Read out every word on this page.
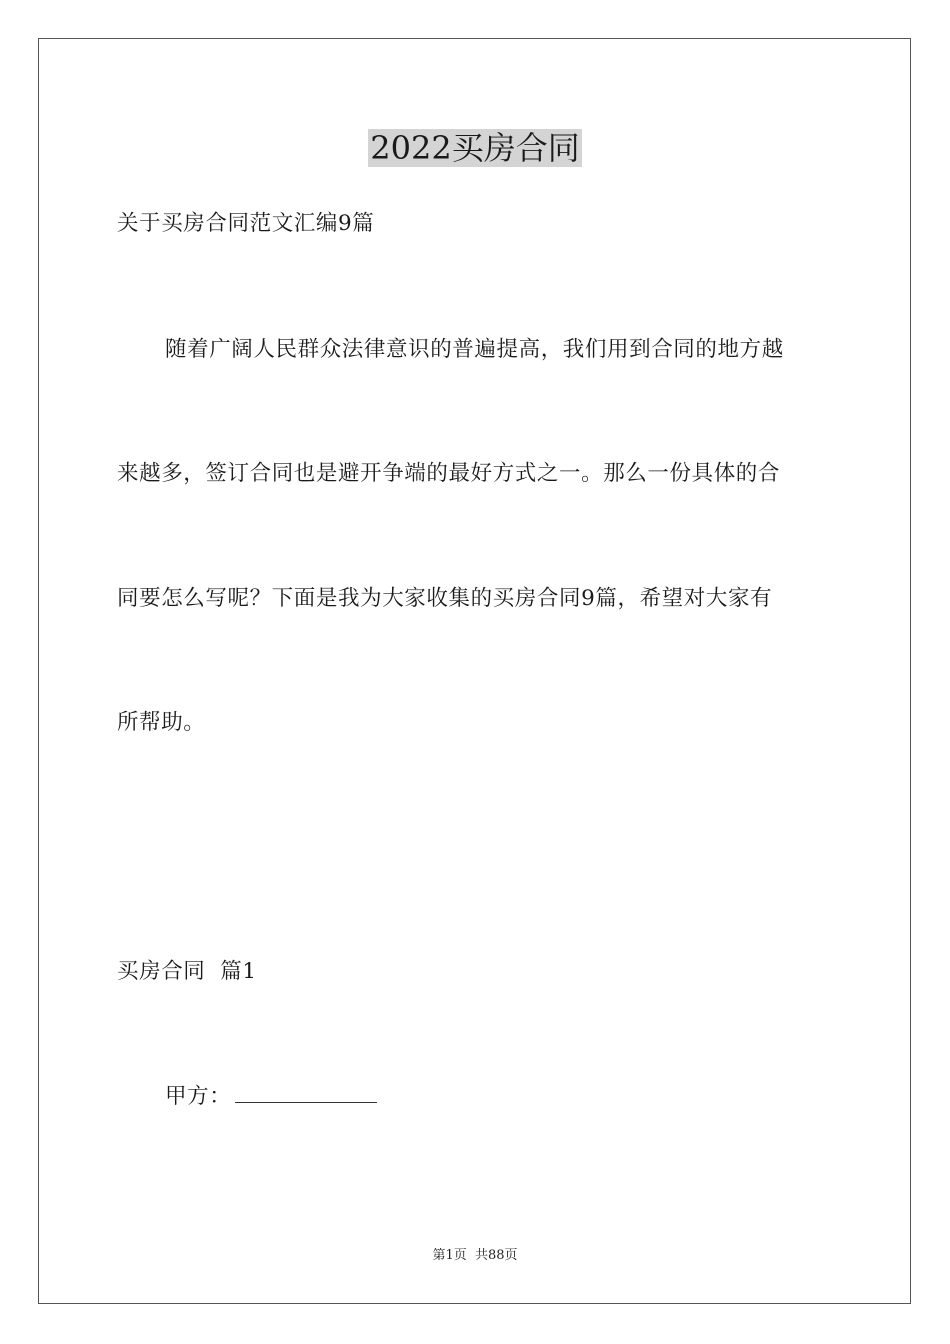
2022买房合同
关于买房合同范文汇编9篇
随着广阔人民群众法律意识的普遍提高，我们用到合同的地方越
来越多，签订合同也是避开争端的最好方式之一。那么一份具体的合
同要怎么写呢？下面是我为大家收集的买房合同9篇，希望对大家有
所帮助。
买房合同  篇1
甲方：
第1页  共88页
